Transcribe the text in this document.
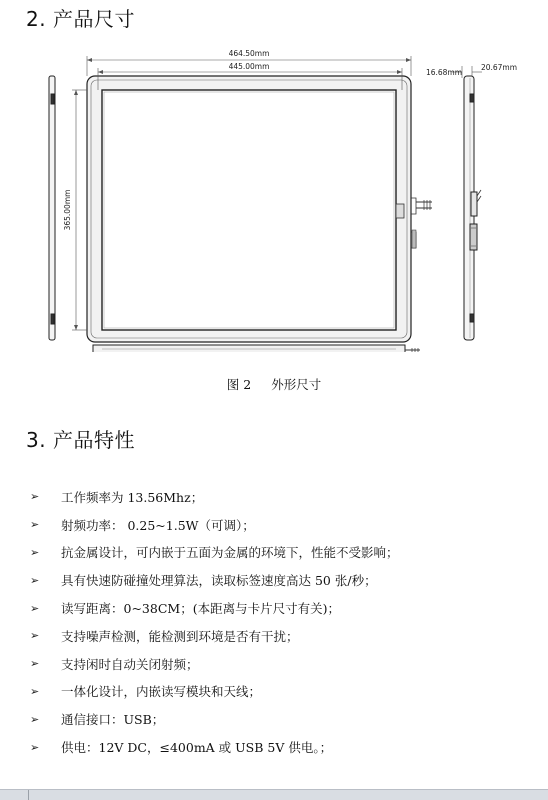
2. 产品尺寸
464.50mm
445.00mm
365.00mm
16.68mm
20.67mm
图 2 外形尺寸
3. 产品特性
➢	工作频率为 13.56Mhz；
➢	射频功率： 0.25~1.5W（可调）；
➢	抗金属设计，可内嵌于五面为金属的环境下，性能不受影响；
➢	具有快速防碰撞处理算法，读取标签速度高达 50 张/秒；
➢	读写距离：0~38CM；(本距离与卡片尺寸有关)；
➢	支持噪声检测，能检测到环境是否有干扰；
➢	支持闲时自动关闭射频；
➢	一体化设计，内嵌读写模块和天线；
➢	通信接口：USB；
➢	供电：12V DC，≤400mA 或 USB 5V 供电。；
